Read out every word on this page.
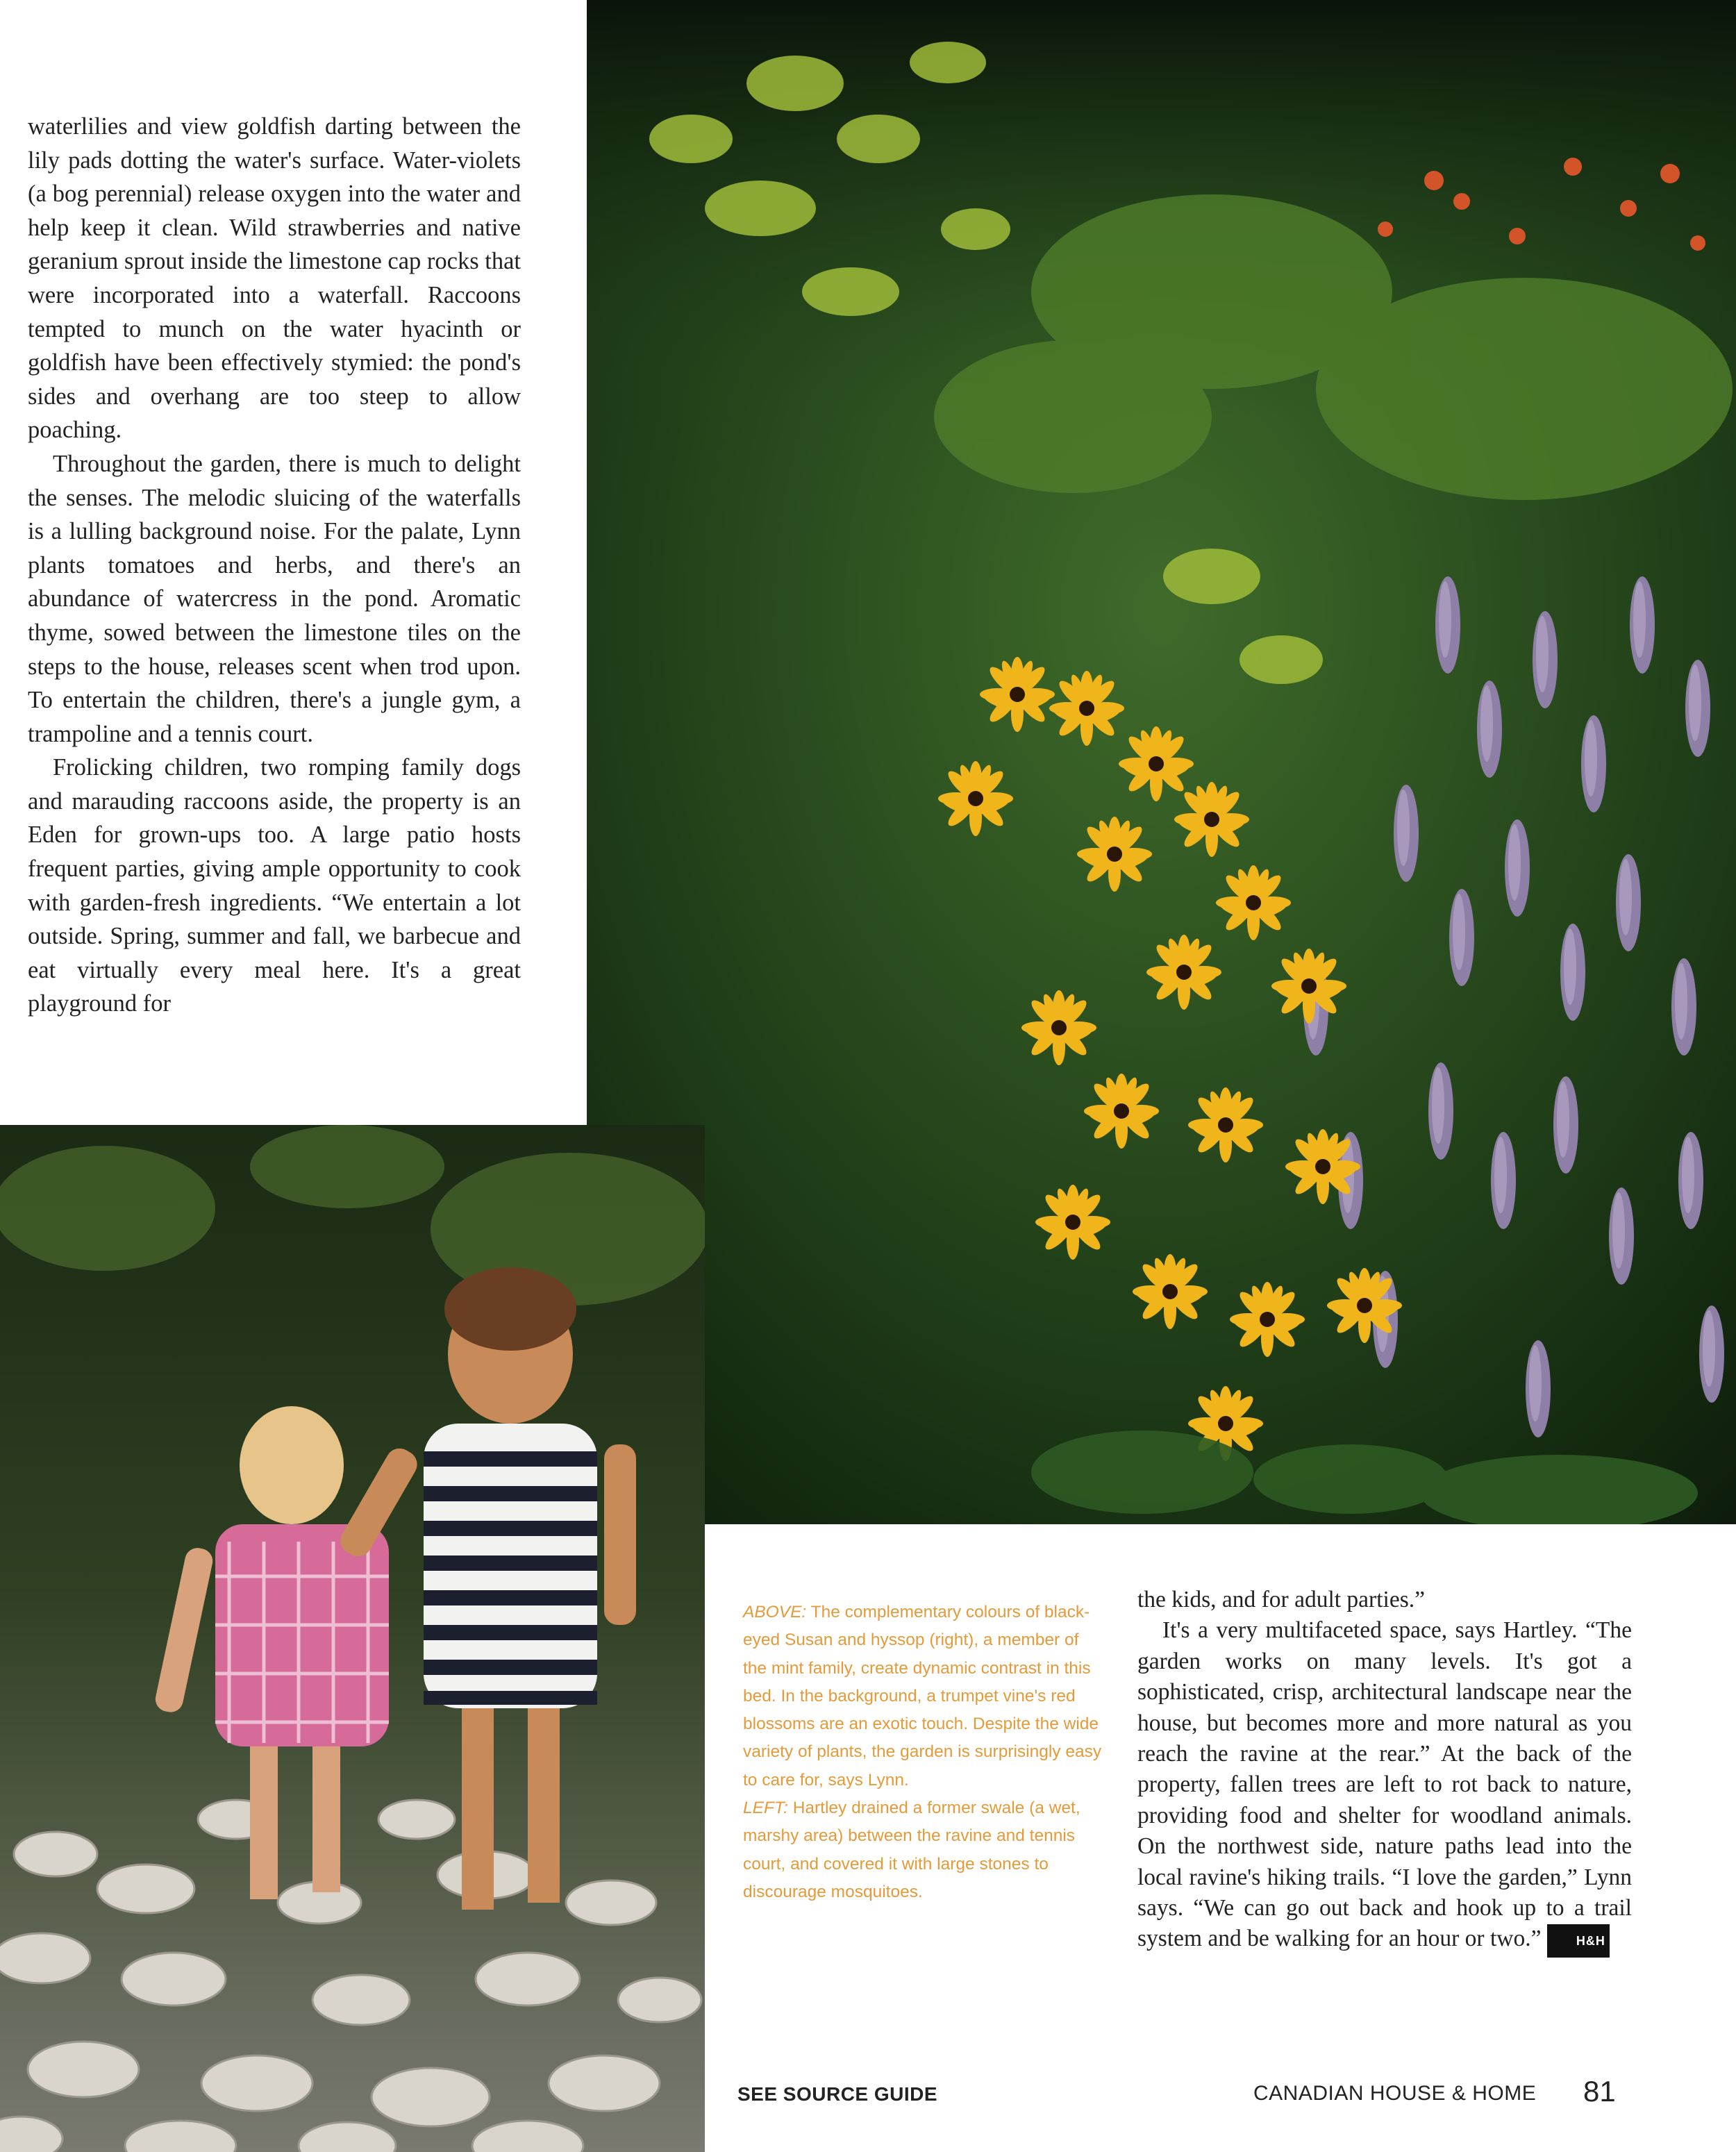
waterlilies and view goldfish darting between the lily pads dotting the water's surface. Water-violets (a bog perennial) release oxygen into the water and help keep it clean. Wild strawberries and native geranium sprout inside the limestone cap rocks that were incorporated into a waterfall. Raccoons tempted to munch on the water hyacinth or goldfish have been effectively stymied: the pond's sides and overhang are too steep to allow poaching.

Throughout the garden, there is much to delight the senses. The melodic sluicing of the waterfalls is a lulling background noise. For the palate, Lynn plants tomatoes and herbs, and there's an abundance of watercress in the pond. Aromatic thyme, sowed between the limestone tiles on the steps to the house, releases scent when trod upon. To entertain the children, there's a jungle gym, a trampoline and a tennis court.

Frolicking children, two romping family dogs and marauding raccoons aside, the property is an Eden for grown-ups too. A large patio hosts frequent parties, giving ample opportunity to cook with garden-fresh ingredients. “We entertain a lot outside. Spring, summer and fall, we barbecue and eat virtually every meal here. It's a great playground for

ABOVE: The complementary colours of black-eyed Susan and hyssop (right), a member of the mint family, create dynamic contrast in this bed. In the background, a trumpet vine's red blossoms are an exotic touch. Despite the wide variety of plants, the garden is surprisingly easy to care for, says Lynn.
LEFT: Hartley drained a former swale (a wet, marshy area) between the ravine and tennis court, and covered it with large stones to discourage mosquitoes.

the kids, and for adult parties.”

It's a very multifaceted space, says Hartley. “The garden works on many levels. It's got a sophisticated, crisp, architectural landscape near the house, but becomes more and more natural as you reach the ravine at the rear.” At the back of the property, fallen trees are left to rot back to nature, providing food and shelter for woodland animals. On the northwest side, nature paths lead into the local ravine's hiking trails. “I love the garden,” Lynn says. “We can go out back and hook up to a trail system and be walking for an hour or two.”	H&H

SEE SOURCE GUIDE	CANADIAN HOUSE & HOME 81
